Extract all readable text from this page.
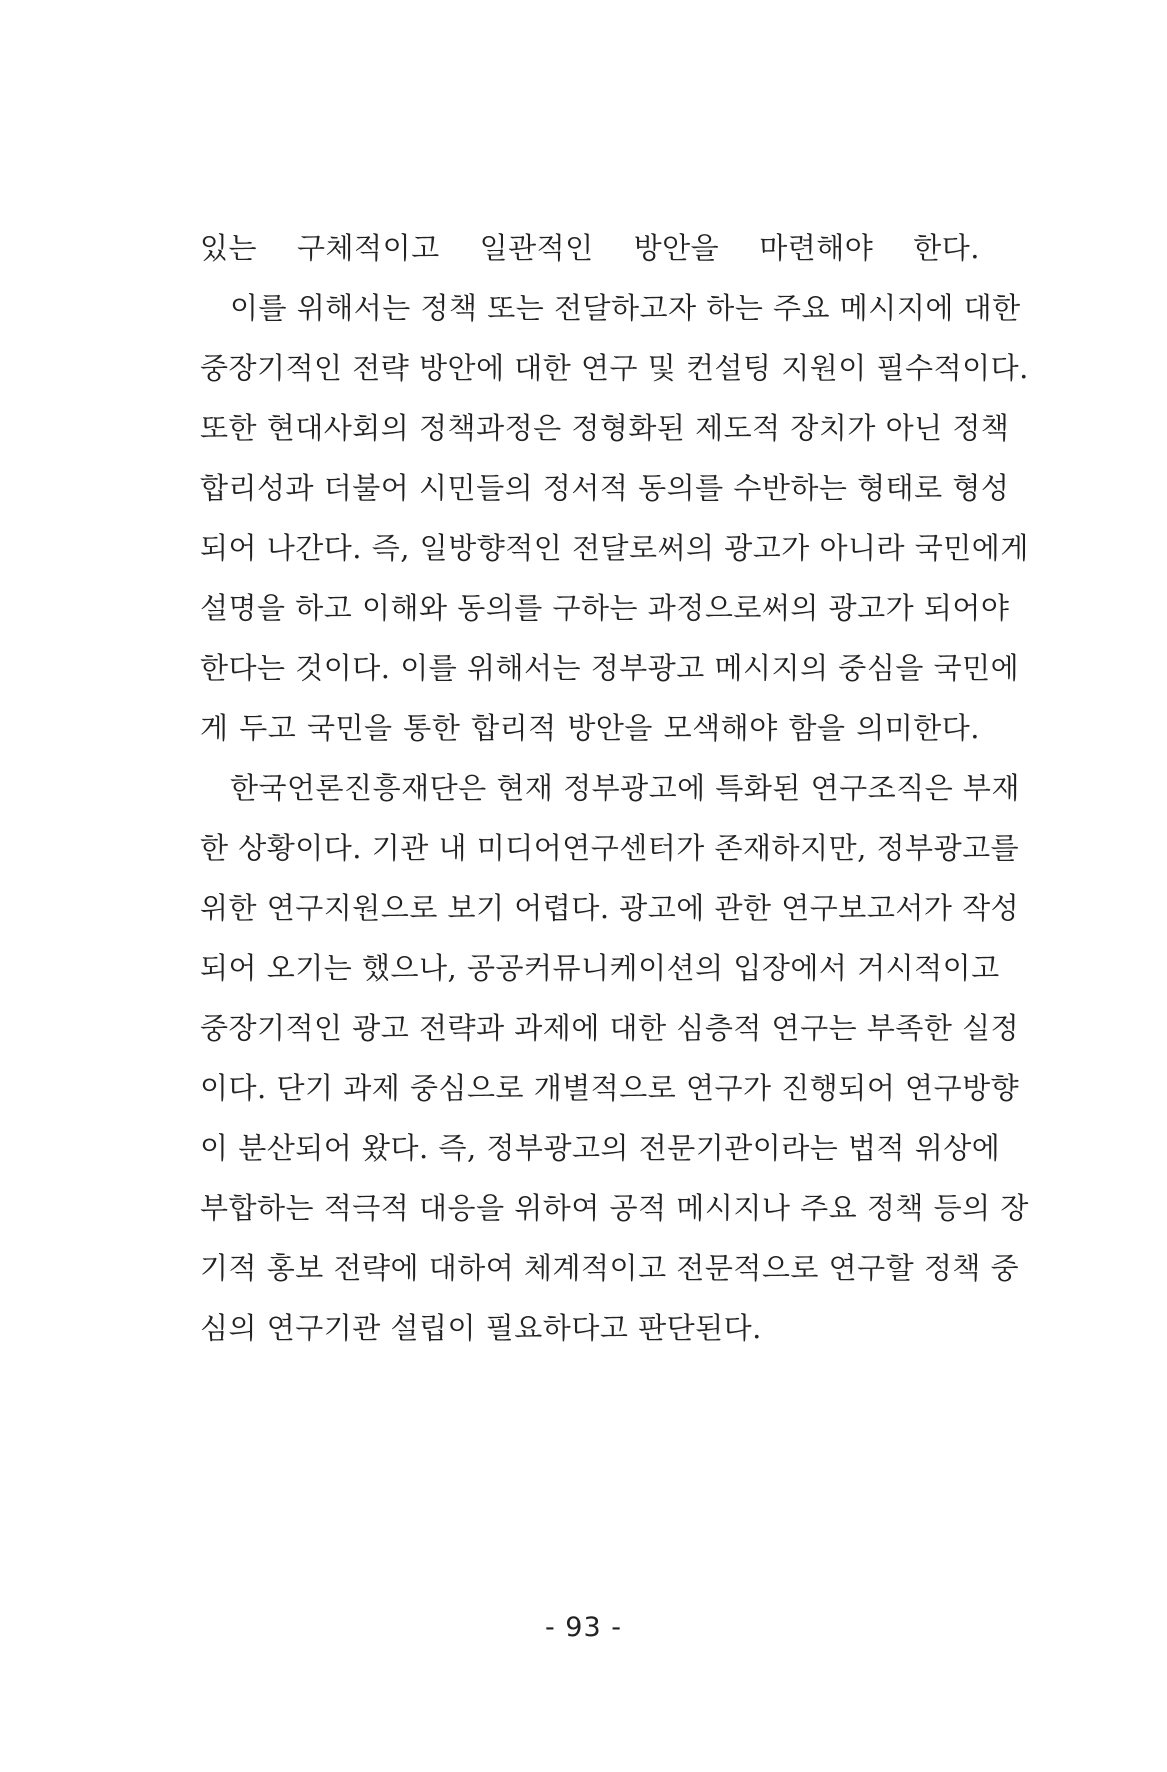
있는 구체적이고 일관적인 방안을 마련해야 한다.
이를 위해서는 정책 또는 전달하고자 하는 주요 메시지에 대한
중장기적인 전략 방안에 대한 연구 및 컨설팅 지원이 필수적이다.
또한 현대사회의 정책과정은 정형화된 제도적 장치가 아닌 정책
합리성과 더불어 시민들의 정서적 동의를 수반하는 형태로 형성
되어 나간다. 즉, 일방향적인 전달로써의 광고가 아니라 국민에게
설명을 하고 이해와 동의를 구하는 과정으로써의 광고가 되어야
한다는 것이다. 이를 위해서는 정부광고 메시지의 중심을 국민에
게 두고 국민을 통한 합리적 방안을 모색해야 함을 의미한다.
한국언론진흥재단은 현재 정부광고에 특화된 연구조직은 부재
한 상황이다. 기관 내 미디어연구센터가 존재하지만, 정부광고를
위한 연구지원으로 보기 어렵다. 광고에 관한 연구보고서가 작성
되어 오기는 했으나, 공공커뮤니케이션의 입장에서 거시적이고
중장기적인 광고 전략과 과제에 대한 심층적 연구는 부족한 실정
이다. 단기 과제 중심으로 개별적으로 연구가 진행되어 연구방향
이 분산되어 왔다. 즉, 정부광고의 전문기관이라는 법적 위상에
부합하는 적극적 대응을 위하여 공적 메시지나 주요 정책 등의 장
기적 홍보 전략에 대하여 체계적이고 전문적으로 연구할 정책 중
심의 연구기관 설립이 필요하다고 판단된다.
- 93 -
